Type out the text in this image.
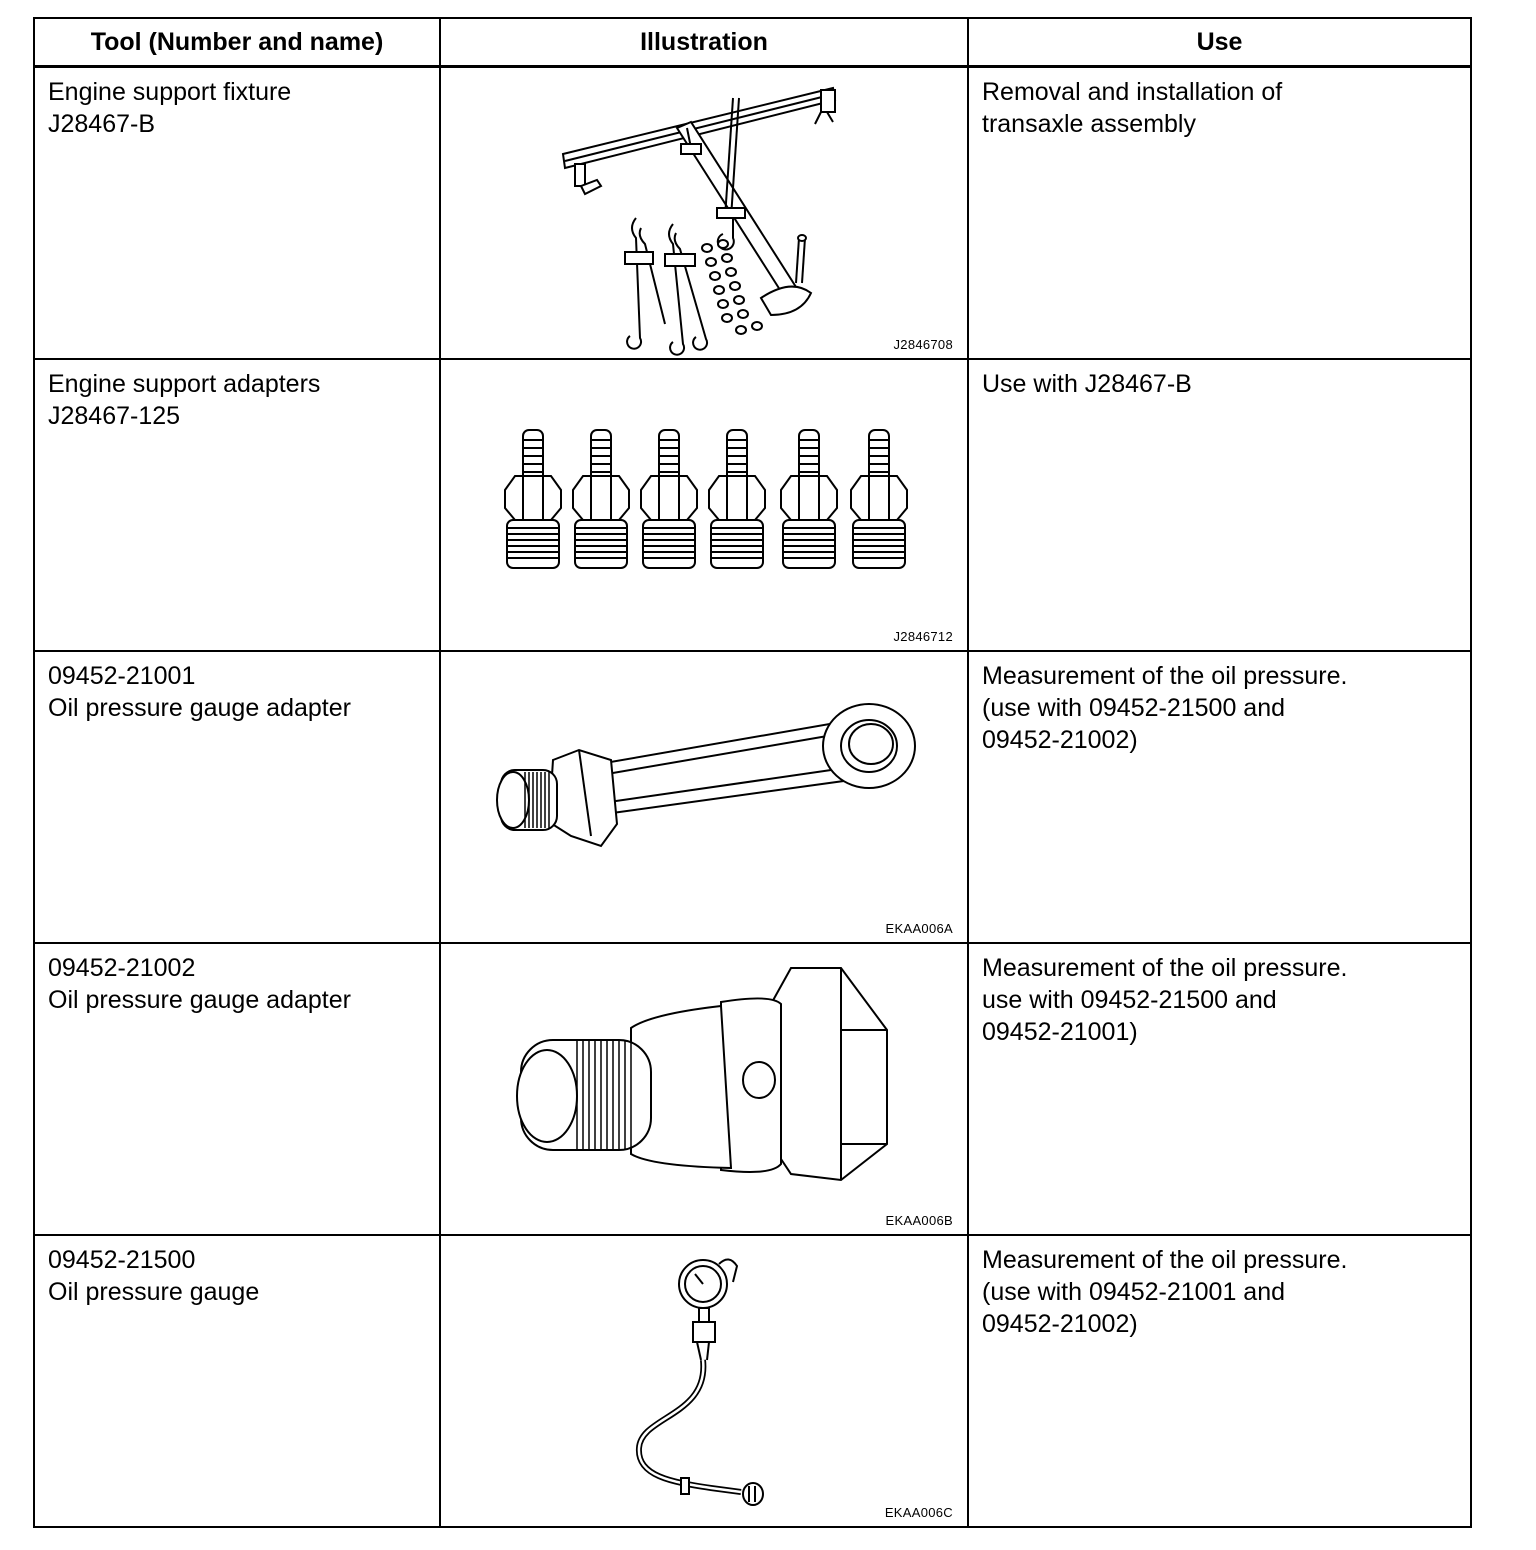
Tool (Number and name)	Illustration	Use

Engine support fixture
J28467-B	J2846708	Removal and installation of
transaxle assembly

Engine support adapters
J28467-125	J2846712	Use with J28467-B

09452-21001
Oil pressure gauge adapter	EKAA006A	Measurement of the oil pressure.
(use with 09452-21500 and
09452-21002)

09452-21002
Oil pressure gauge adapter	EKAA006B	Measurement of the oil pressure.
use with 09452-21500 and
09452-21001)

09452-21500
Oil pressure gauge	EKAA006C	Measurement of the oil pressure.
(use with 09452-21001 and
09452-21002)
